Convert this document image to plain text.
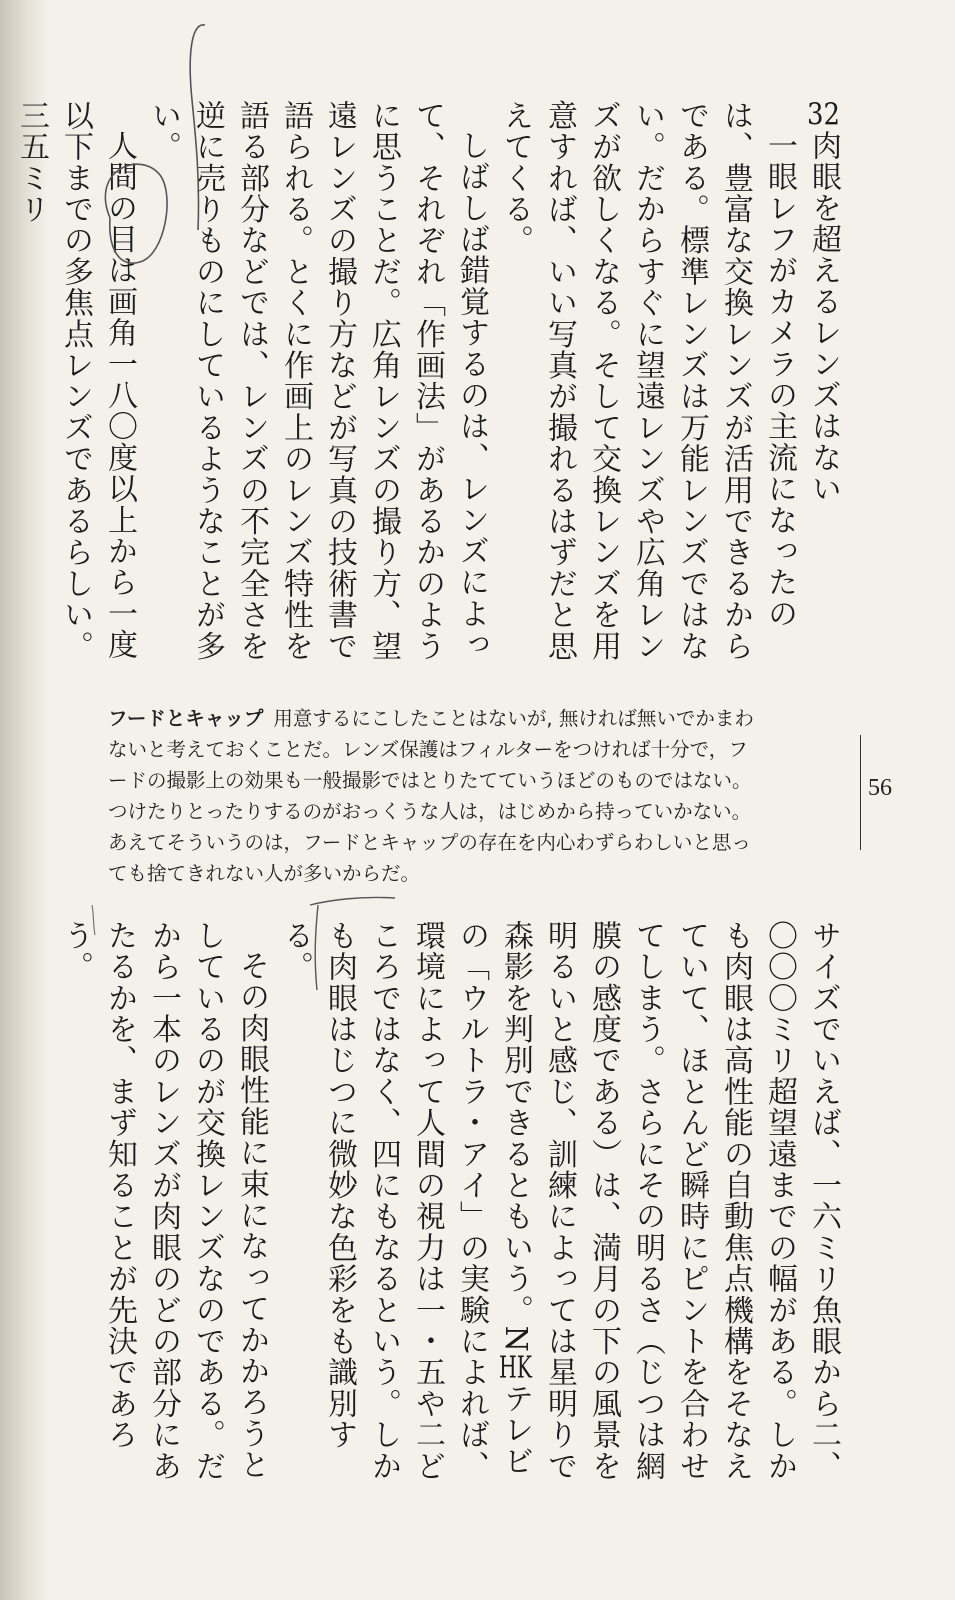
32肉眼を超えるレンズはない

一眼レフがカメラの主流になったのは、豊富な交換レンズが活用できるからである。標準レンズは万能レンズではない。だからすぐに望遠レンズや広角レンズが欲しくなる。そして交換レンズを用意すれば、いい写真が撮れるはずだと思えてくる。

しばしば錯覚するのは、レンズによって、それぞれ「作画法」があるかのように思うことだ。広角レンズの撮り方、望遠レンズの撮り方などが写真の技術書で語られる。とくに作画上のレンズ特性を語る部分などでは、レンズの不完全さを逆に売りものにしているようなことが多い。

人間の目は画角一八〇度以上から一度以下までの多焦点レンズであるらしい。三五ミリ

フードとキャップ 用意するにこしたことはないが, 無ければ無いでかまわないと考えておくことだ。レンズ保護はフィルターをつければ十分で，フードの撮影上の効果も一般撮影ではとりたてていうほどのものではない。つけたりとったりするのがおっくうな人は，はじめから持っていかない。あえてそういうのは，フードとキャップの存在を内心わずらわしいと思っても捨てきれない人が多いからだ。
56

サイズでいえば、一六ミリ魚眼から二、〇〇〇ミリ超望遠までの幅がある。しかも肉眼は高性能の自動焦点機構をそなえていて、ほとんど瞬時にピントを合わせてしまう。さらにその明るさ（じつは網膜の感度である）は、満月の下の風景を明るいと感じ、訓練によっては星明りで森影を判別できるともいう。NHKテレビの「ウルトラ・アイ」の実験によれば、環境によって人間の視力は一・五や二どころではなく、四にもなるという。しかも肉眼はじつに微妙な色彩をも識別する。

その肉眼性能に束になってかかろうとしているのが交換レンズなのである。だから一本のレンズが肉眼のどの部分にあたるかを、まず知ることが先決であろう。
